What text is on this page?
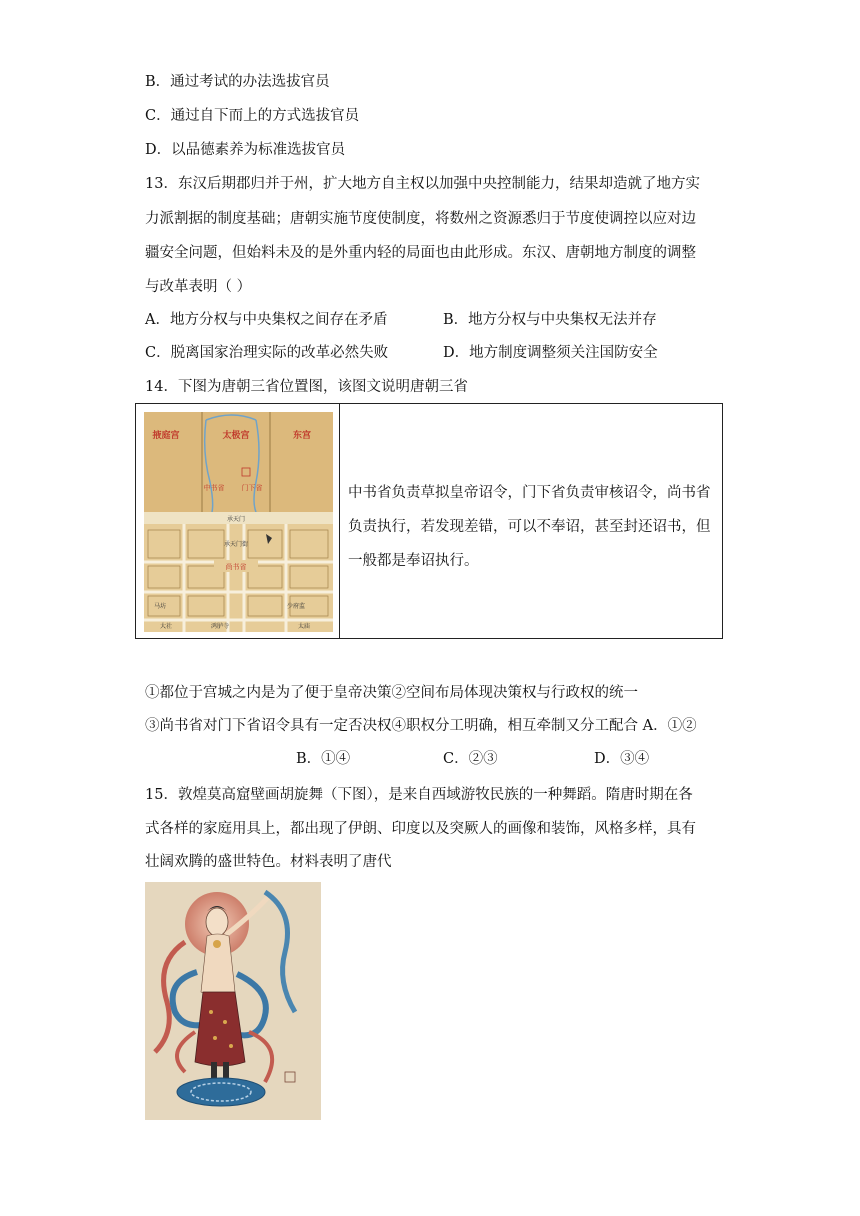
B．通过考试的办法选拔官员
C．通过自下而上的方式选拔官员
D．以品德素养为标准选拔官员
13．东汉后期郡归并于州，扩大地方自主权以加强中央控制能力，结果却造就了地方实
力派割据的制度基础；唐朝实施节度使制度，将数州之资源悉归于节度使调控以应对边
疆安全问题，但始料未及的是外重内轻的局面也由此形成。东汉、唐朝地方制度的调整
与改革表明（ ）
A．地方分权与中央集权之间存在矛盾	B．地方分权与中央集权无法并存
C．脱离国家治理实际的改革必然失败	D．地方制度调整须关注国防安全
14．下图为唐朝三省位置图，该图文说明唐朝三省
掖庭宫	太极宫	东宫
中书省 门下省
承天门
承天门街
尚书省
马坊	少府监
大社	鸿胪寺	太庙
中书省负责草拟皇帝诏令，门下省负责审核诏令，尚书省负责执行，若发现差错，可以不奉诏，甚至封还诏书，但一般都是奉诏执行。
①都位于宫城之内是为了便于皇帝决策②空间布局体现决策权与行政权的统一
③尚书省对门下省诏令具有一定否决权④职权分工明确，相互牵制又分工配合 A．①②
B．①④	C．②③	D．③④
15．敦煌莫高窟壁画胡旋舞（下图），是来自西域游牧民族的一种舞蹈。隋唐时期在各
式各样的家庭用具上，都出现了伊朗、印度以及突厥人的画像和装饰，风格多样，具有
壮阔欢腾的盛世特色。材料表明了唐代
